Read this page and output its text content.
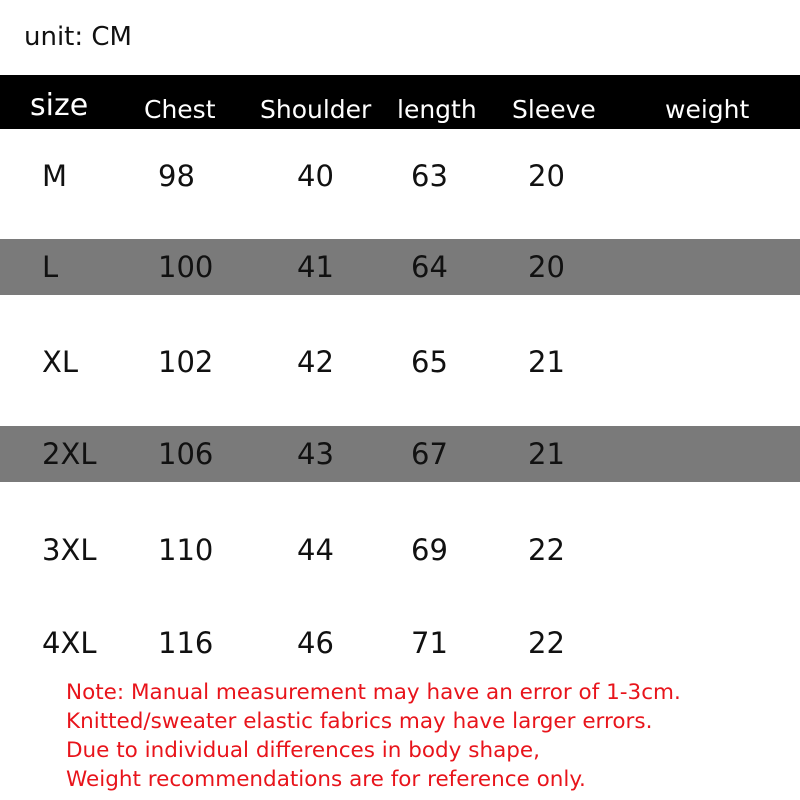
unit: CM
size Chest Shoulder length Sleeve	weight
M	98	40	63	20
L	100	41	64	20
XL	102	42	65	21
2XL 106	43	67	21
3XL 110	44	69	22
4XL 116	46	71	22
Note: Manual measurement may have an error of 1-3cm.
Knitted/sweater elastic fabrics may have larger errors.
Due to individual differences in body shape,
Weight recommendations are for reference only.
